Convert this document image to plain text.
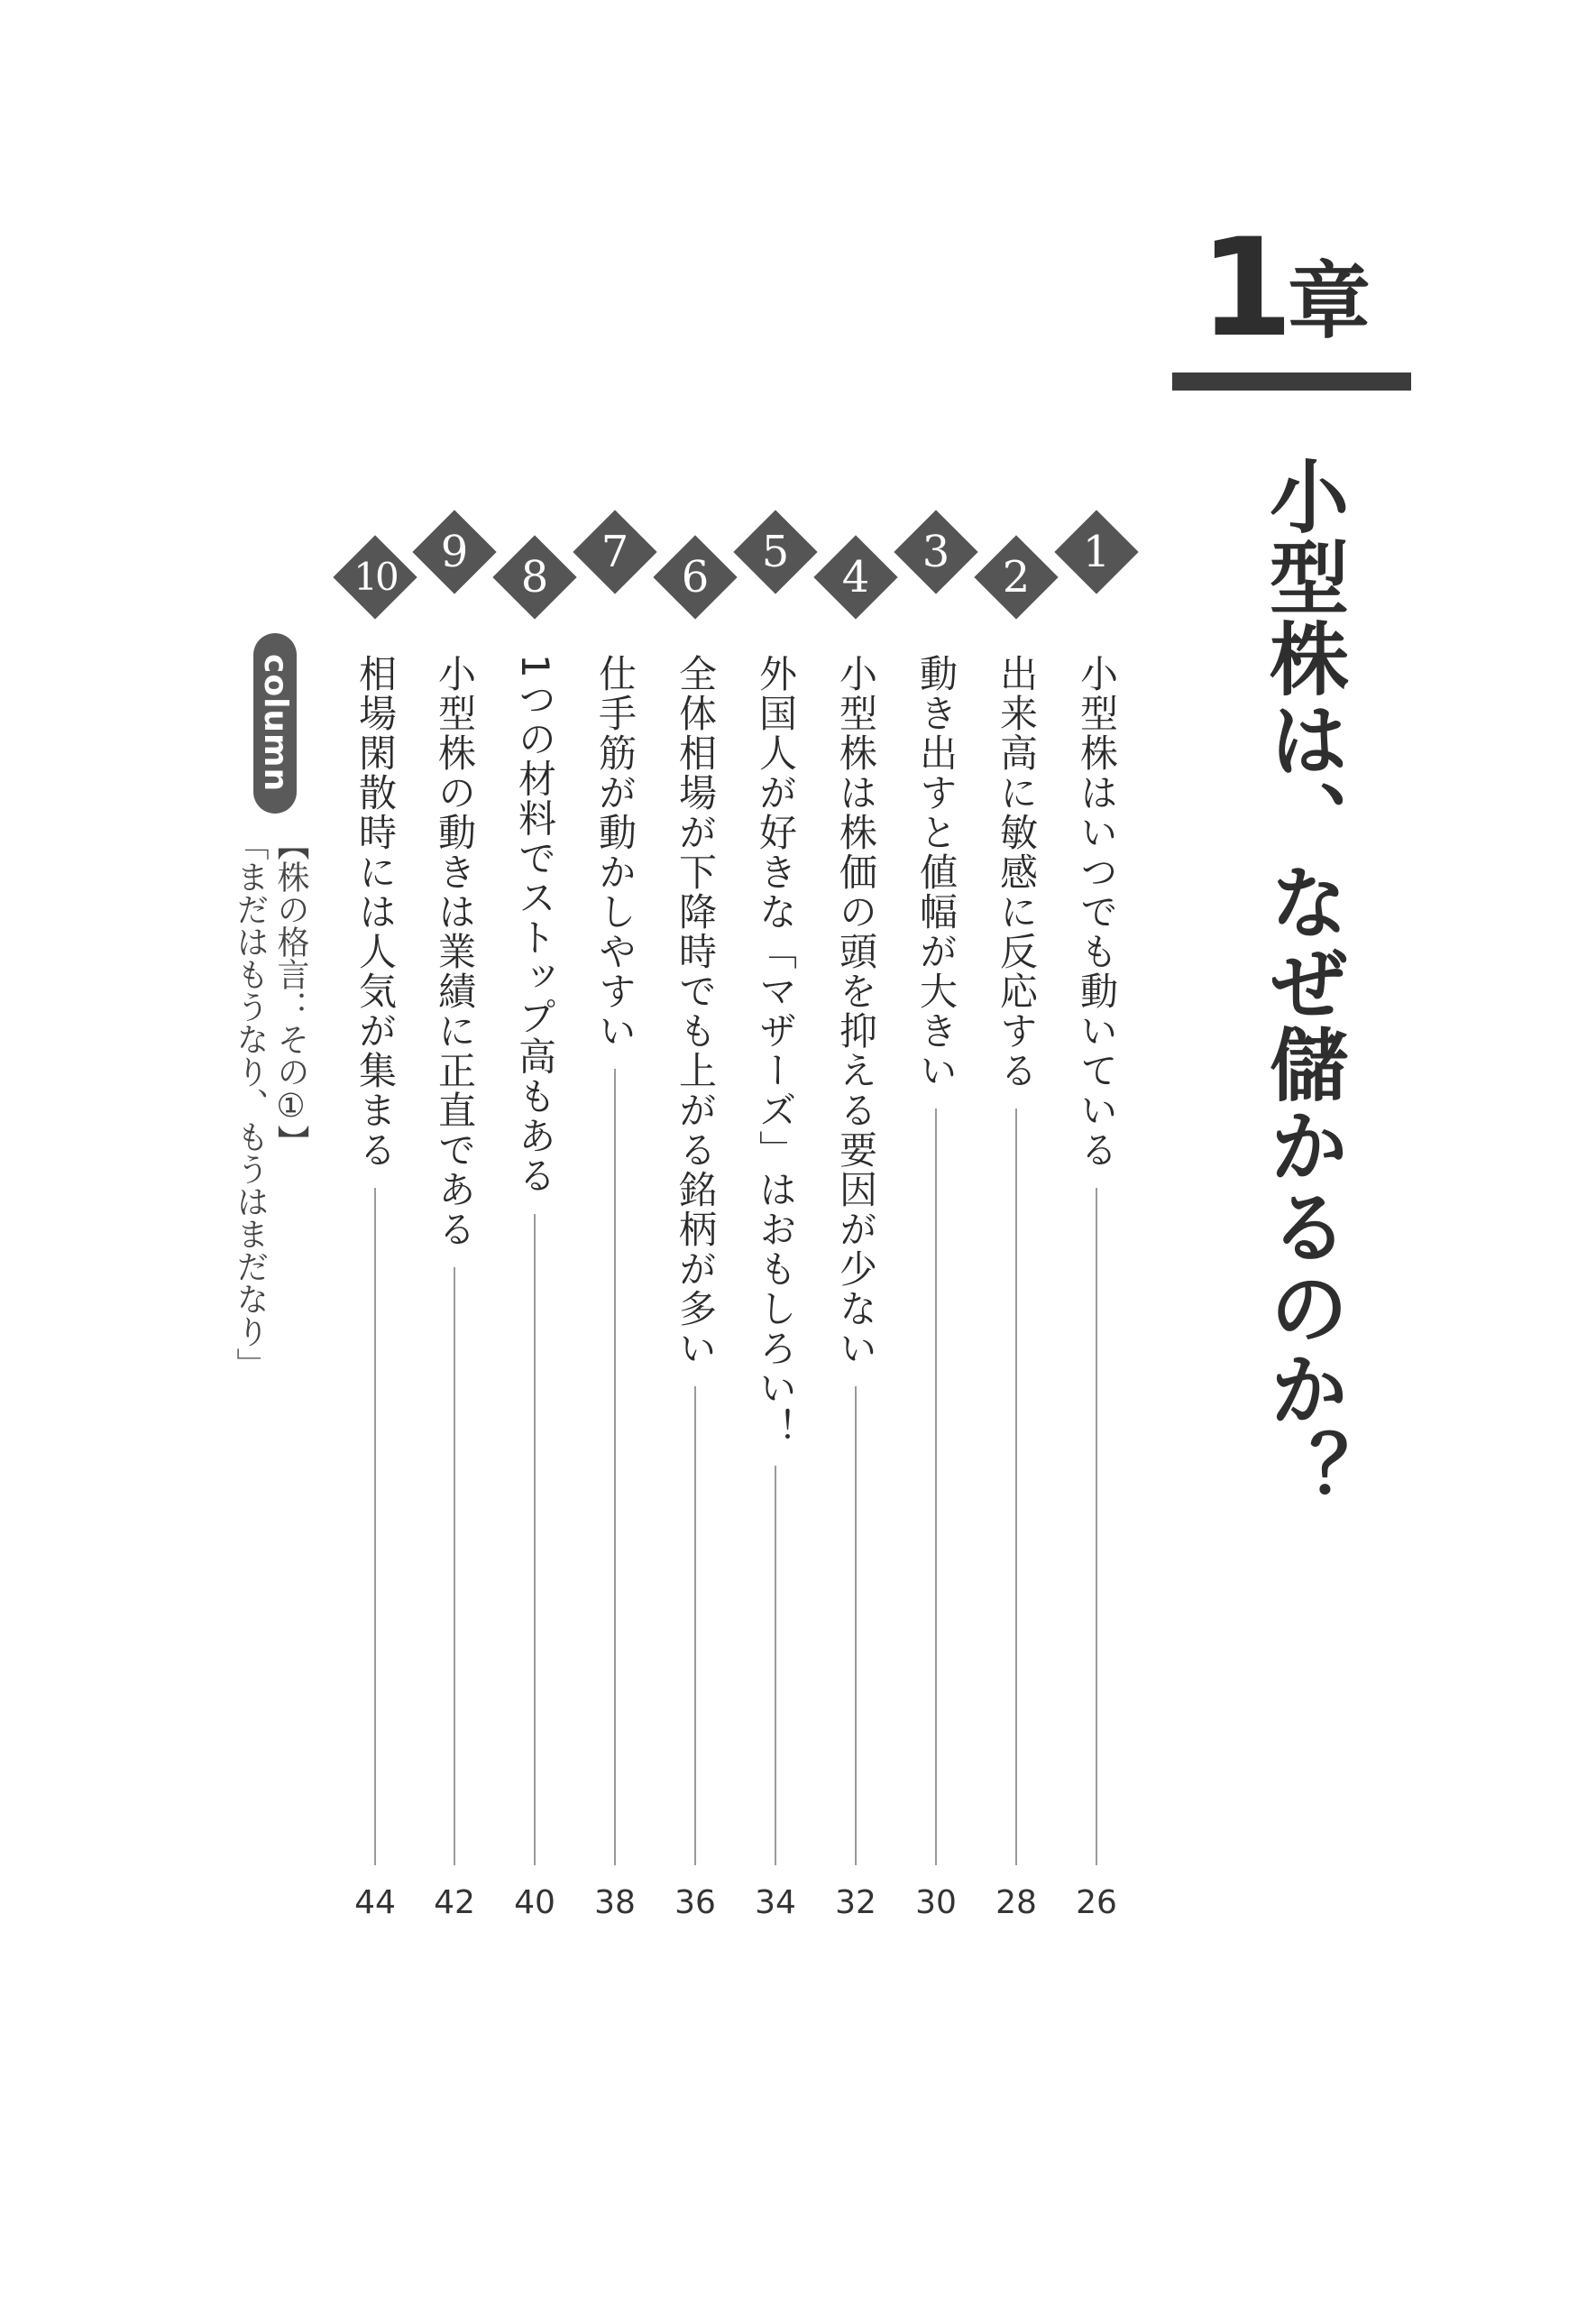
1
章
小型株は、なぜ儲かるのか？
1
小型株はいつでも動いている
26
2
出来高に敏感に反応する
28
3
動き出すと値幅が大きい
30
4
小型株は株価の頭を抑える要因が少ない
32
5
外国人が好きな「マザーズ」はおもしろい！
34
6
全体相場が下降時でも上がる銘柄が多い
36
7
仕手筋が動かしやすい
38
8
1つの材料でストップ高もある
40
9
小型株の動きは業績に正直である
42
10
相場閑散時には人気が集まる
44
column
【株の格言：その①】
「まだはもうなり、もうはまだなり」
